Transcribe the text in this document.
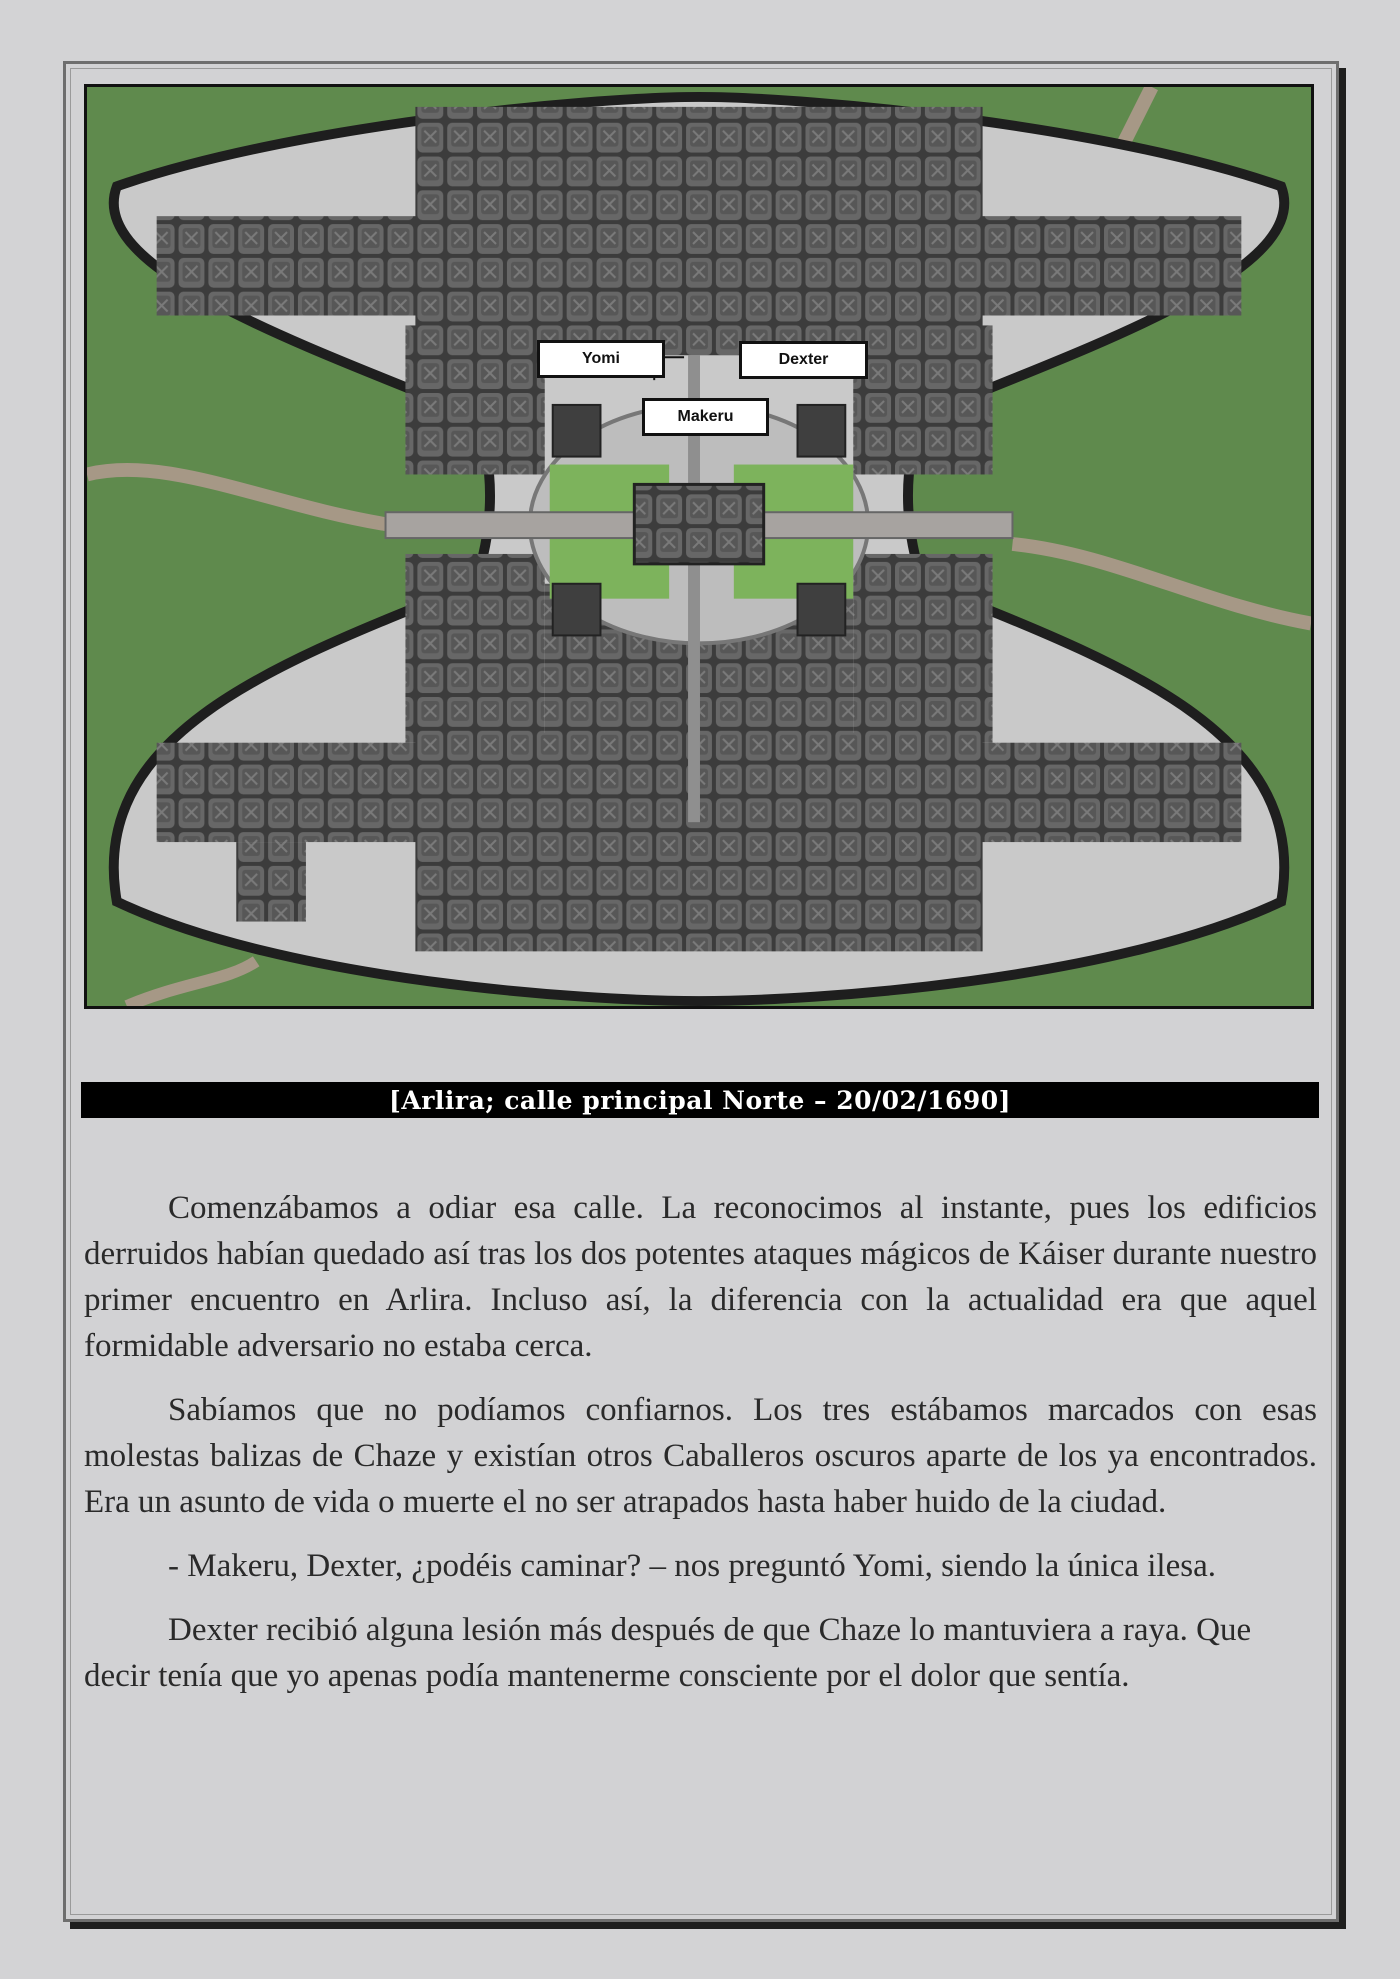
Yomi	Dexter
Makeru
[Arlira; calle principal Norte – 20/02/1690]

Comenzábamos a odiar esa calle. La reconocimos al instante, pues los edificios derruidos habían quedado así tras los dos potentes ataques mágicos de Káiser durante nuestro primer encuentro en Arlira. Incluso así, la diferencia con la actualidad era que aquel formidable adversario no estaba cerca.

Sabíamos que no podíamos confiarnos. Los tres estábamos marcados con esas molestas balizas de Chaze y existían otros Caballeros oscuros aparte de los ya encontrados. Era un asunto de vida o muerte el no ser atrapados hasta haber huido de la ciudad.

- Makeru, Dexter, ¿podéis caminar? – nos preguntó Yomi, siendo la única ilesa.

Dexter recibió alguna lesión más después de que Chaze lo mantuviera a raya. Que decir tenía que yo apenas podía mantenerme consciente por el dolor que sentía.
